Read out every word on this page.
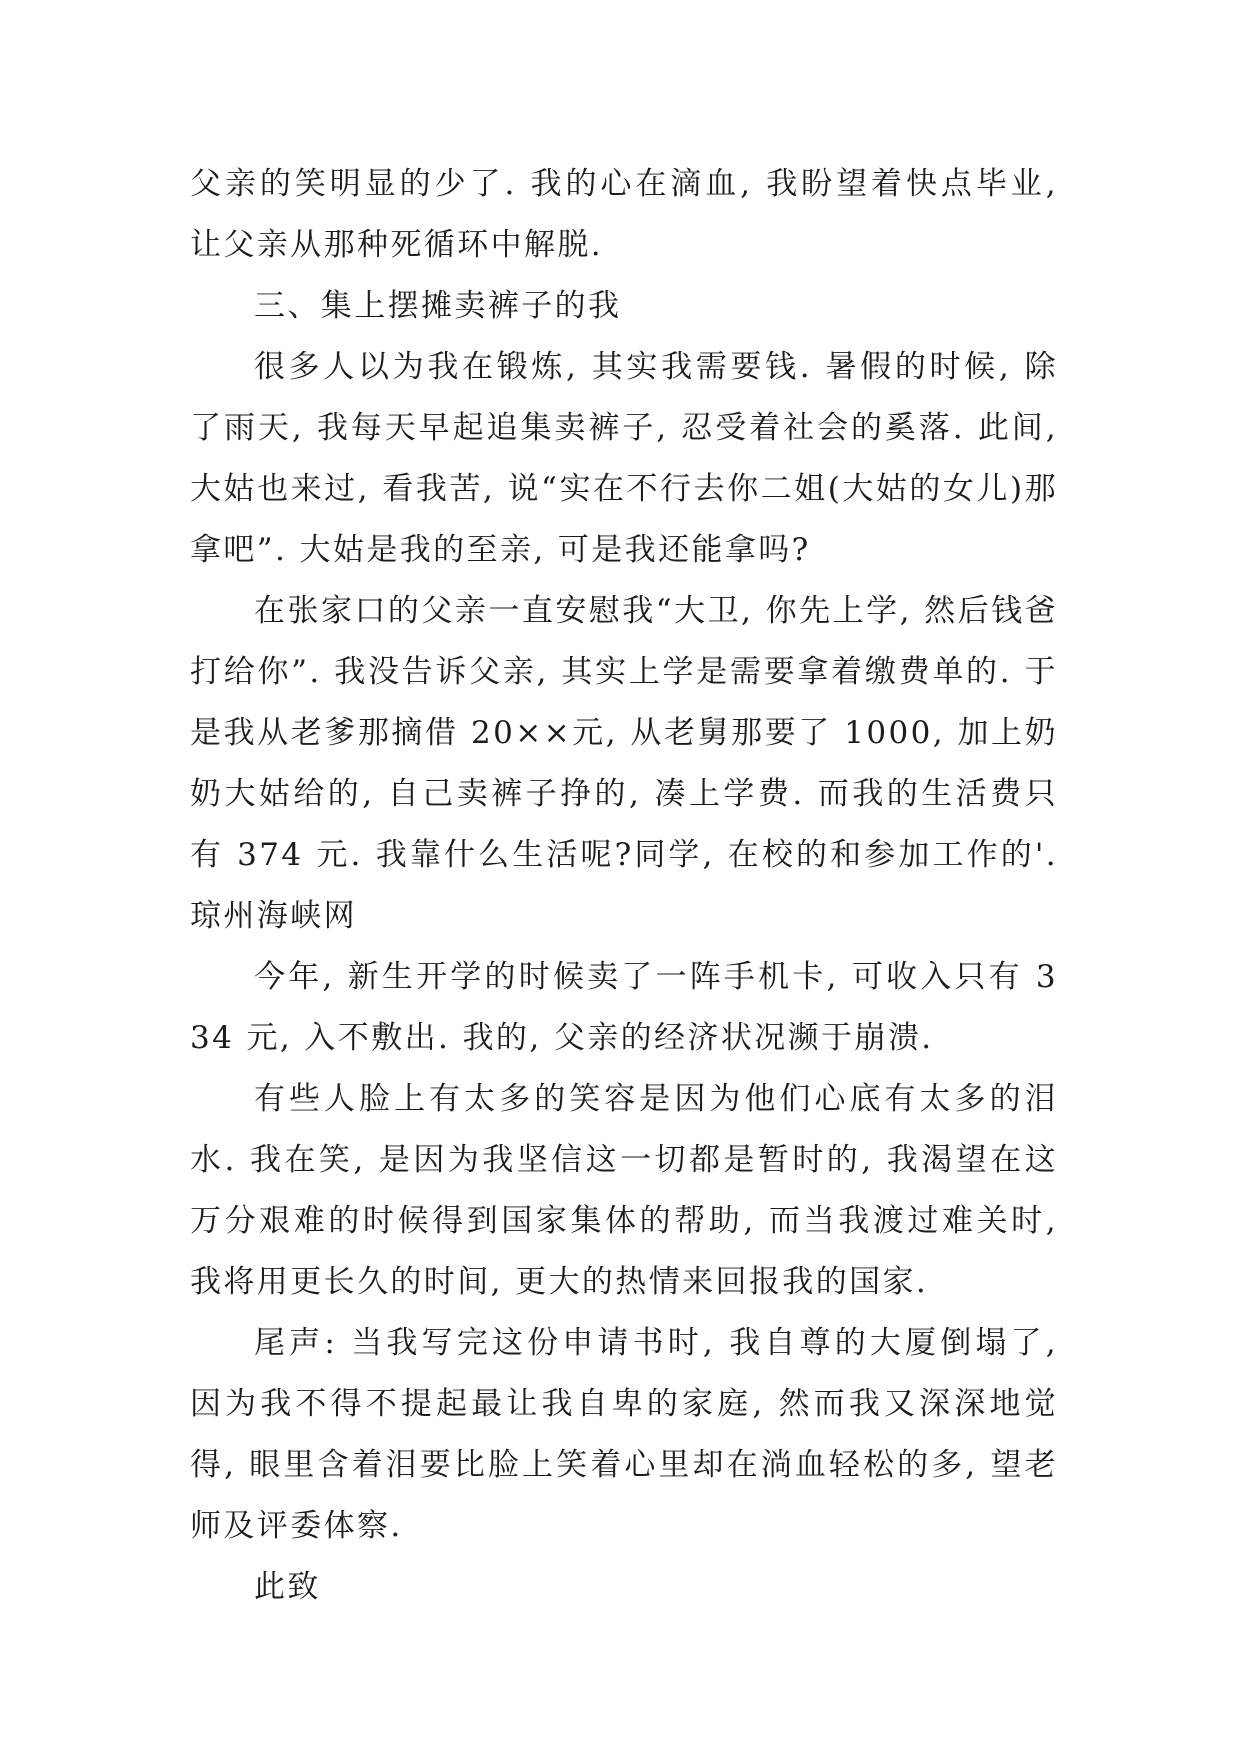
父亲的笑明显的少了. 我的心在滴血, 我盼望着快点毕业, 让父亲从那种死循环中解脱.

三、集上摆摊卖裤子的我

很多人以为我在锻炼, 其实我需要钱. 暑假的时候, 除了雨天, 我每天早起追集卖裤子, 忍受着社会的奚落. 此间, 大姑也来过, 看我苦, 说“实在不行去你二姐(大姑的女儿)那拿吧”. 大姑是我的至亲, 可是我还能拿吗?

在张家口的父亲一直安慰我“大卫, 你先上学, 然后钱爸打给你”. 我没告诉父亲, 其实上学是需要拿着缴费单的. 于是我从老爹那摘借 20××元, 从老舅那要了 1000, 加上奶奶大姑给的, 自己卖裤子挣的, 凑上学费. 而我的生活费只有 374 元. 我靠什么生活呢?同学, 在校的和参加工作的'. 琼州海峡网

今年, 新生开学的时候卖了一阵手机卡, 可收入只有 334 元, 入不敷出. 我的, 父亲的经济状况濒于崩溃.

有些人脸上有太多的笑容是因为他们心底有太多的泪水. 我在笑, 是因为我坚信这一切都是暂时的, 我渴望在这万分艰难的时候得到国家集体的帮助, 而当我渡过难关时, 我将用更长久的时间, 更大的热情来回报我的国家.

尾声: 当我写完这份申请书时, 我自尊的大厦倒塌了, 因为我不得不提起最让我自卑的家庭, 然而我又深深地觉得, 眼里含着泪要比脸上笑着心里却在淌血轻松的多, 望老师及评委体察.

此致
